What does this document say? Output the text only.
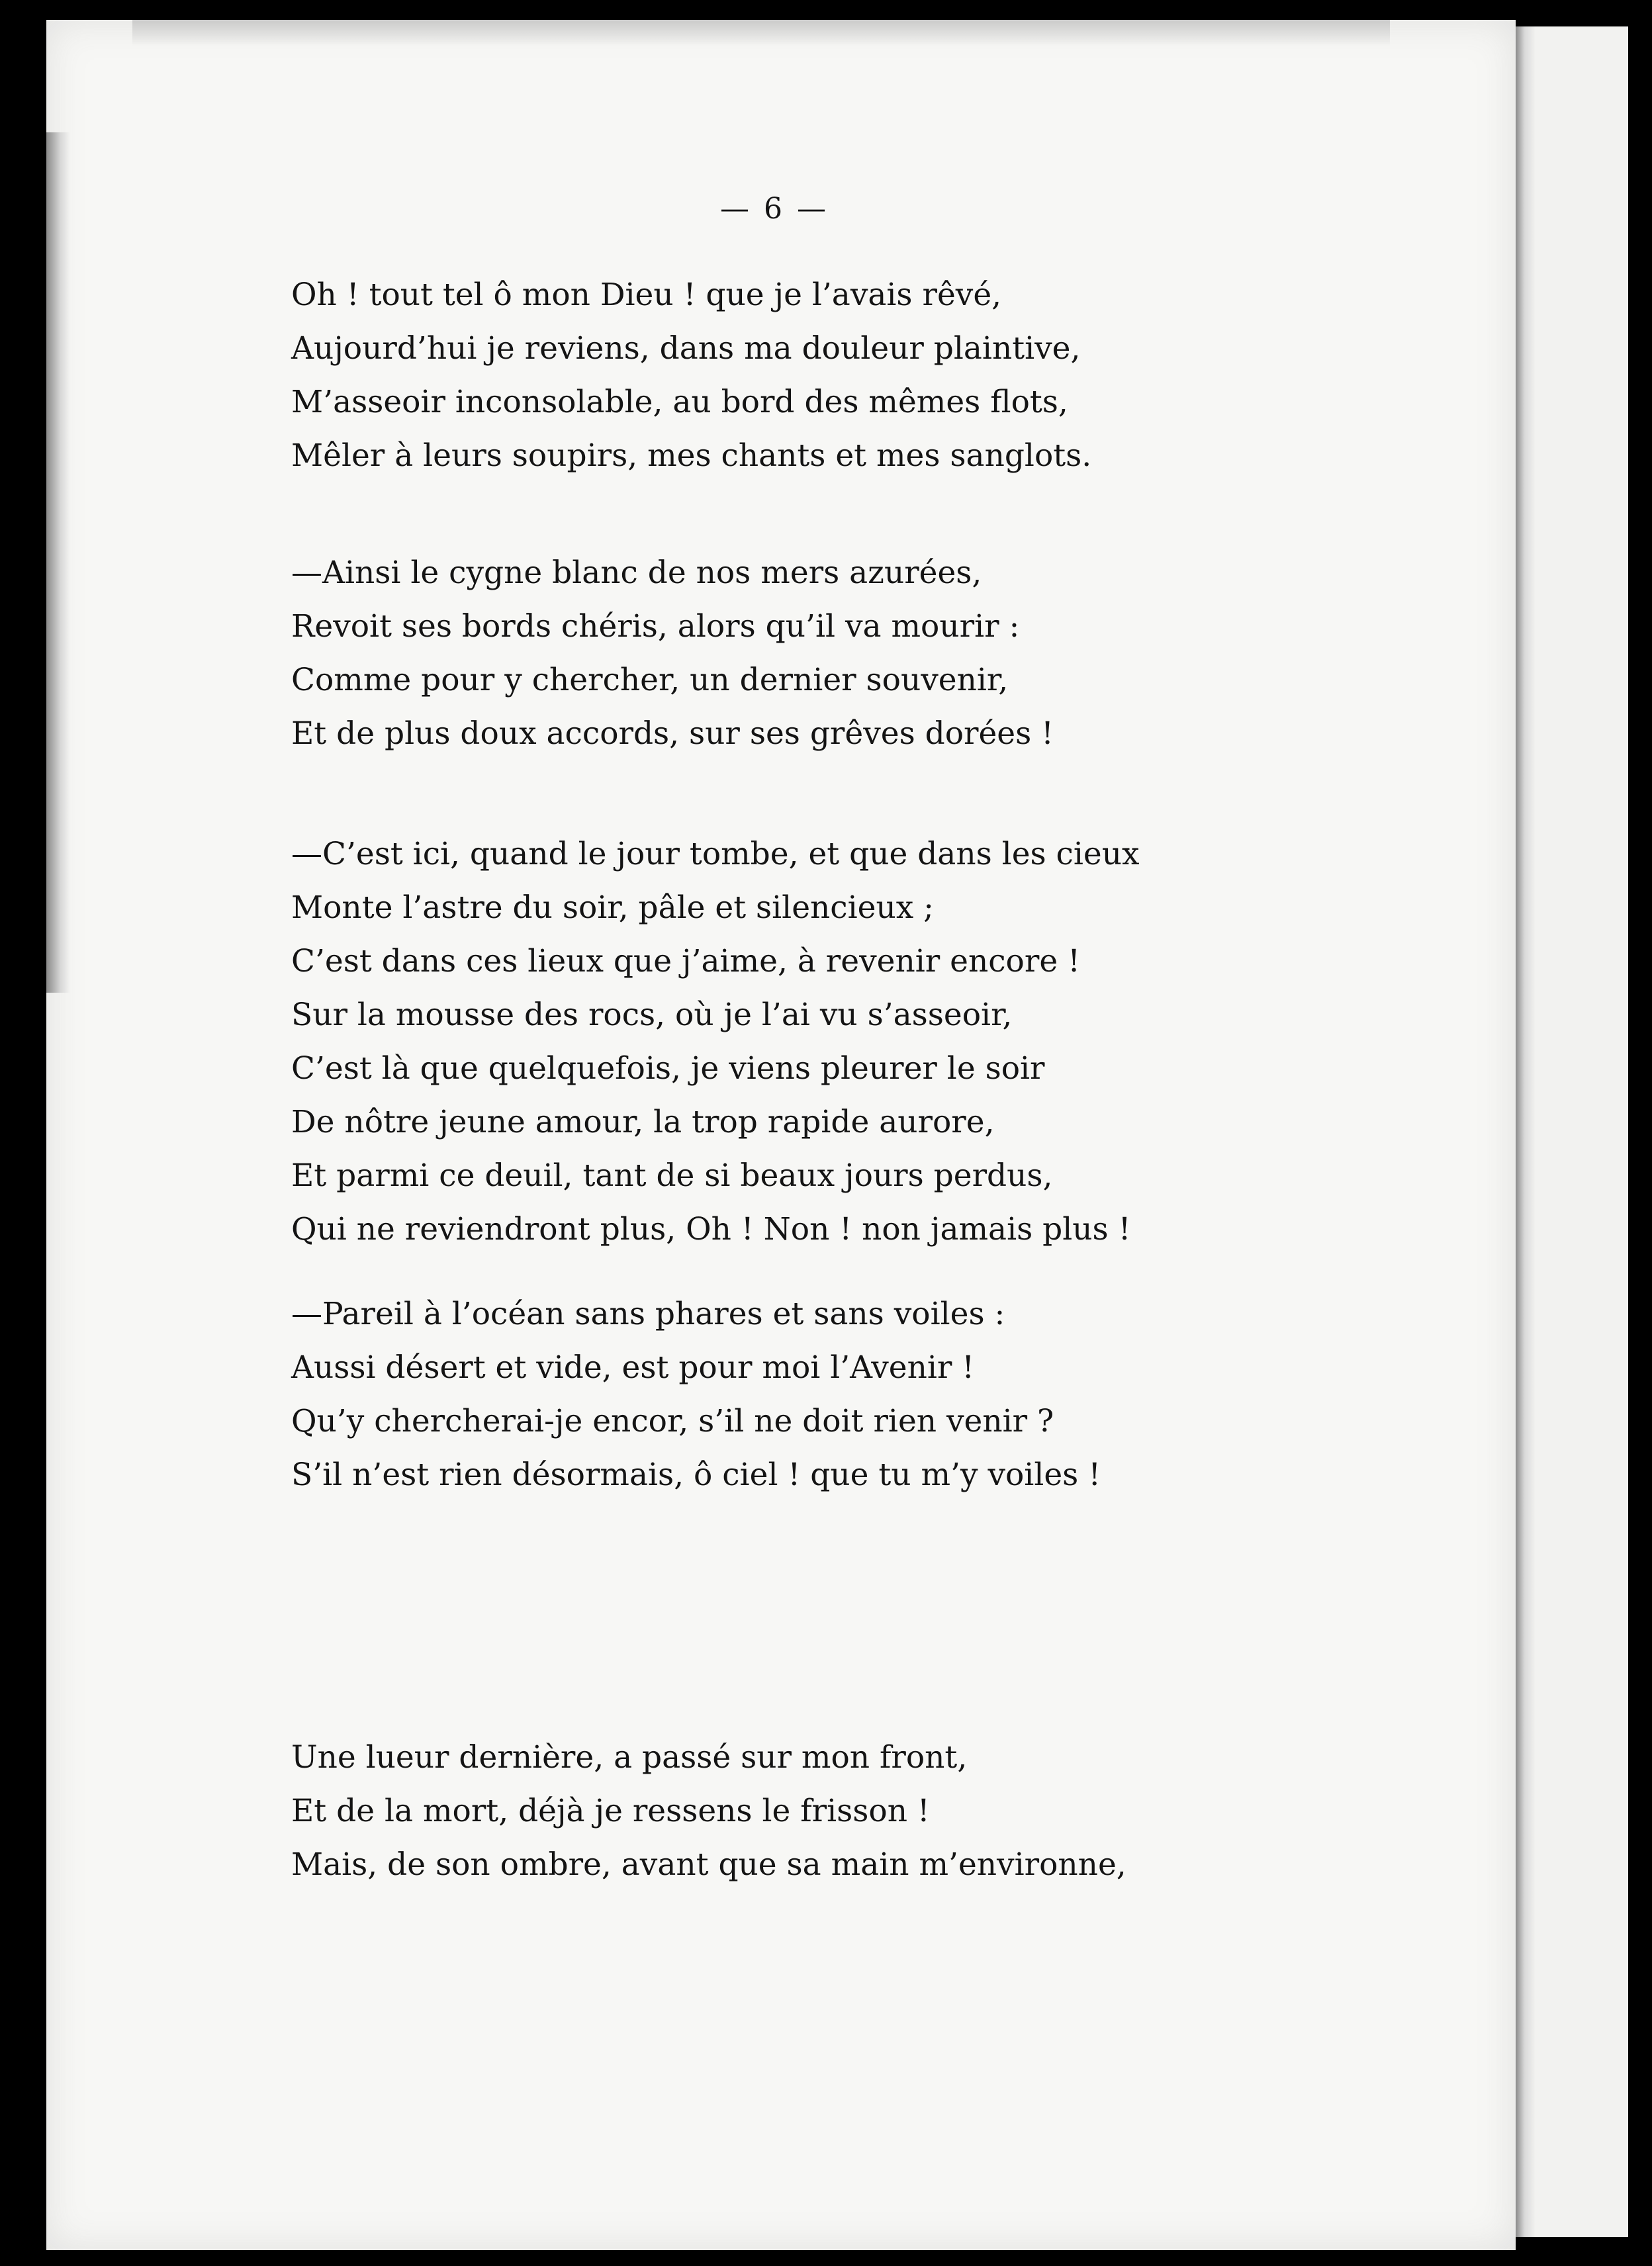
— 6 —
Oh ! tout tel ô mon Dieu ! que je l’avais rêvé,
Aujourd’hui je reviens, dans ma douleur plaintive,
M’asseoir inconsolable, au bord des mêmes flots,
Mêler à leurs soupirs, mes chants et mes sanglots.
—Ainsi le cygne blanc de nos mers azurées,
Revoit ses bords chéris, alors qu’il va mourir :
Comme pour y chercher, un dernier souvenir,
Et de plus doux accords, sur ses grêves dorées !
—C’est ici, quand le jour tombe, et que dans les cieux
Monte l’astre du soir, pâle et silencieux ;
C’est dans ces lieux que j’aime, à revenir encore !
Sur la mousse des rocs, où je l’ai vu s’asseoir,
C’est là que quelquefois, je viens pleurer le soir
De nôtre jeune amour, la trop rapide aurore,
Et parmi ce deuil, tant de si beaux jours perdus,
Qui ne reviendront plus, Oh ! Non ! non jamais plus !
—Pareil à l’océan sans phares et sans voiles :
Aussi désert et vide, est pour moi l’Avenir !
Qu’y chercherai-je encor, s’il ne doit rien venir ?
S’il n’est rien désormais, ô ciel ! que tu m’y voiles !
Une lueur dernière, a passé sur mon front,
Et de la mort, déjà je ressens le frisson !
Mais, de son ombre, avant que sa main m’environne,
